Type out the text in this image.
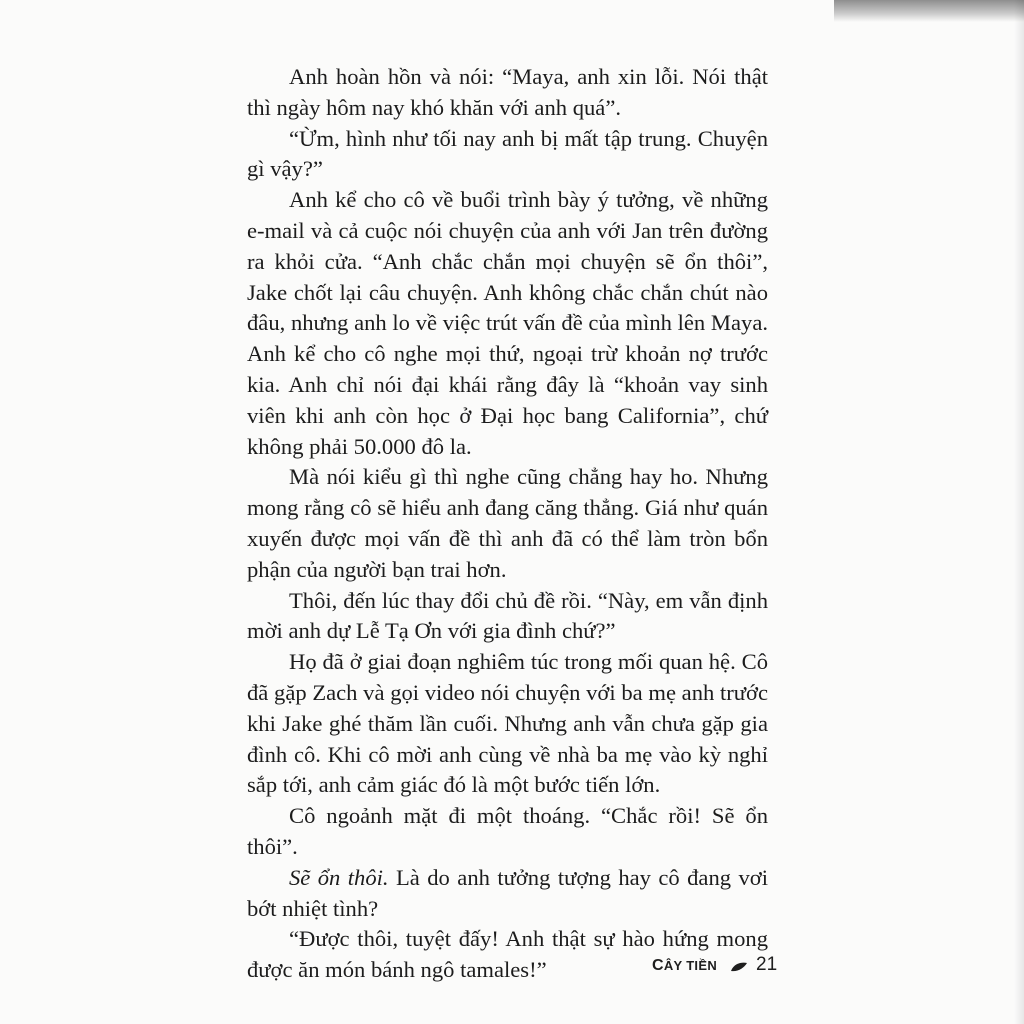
Anh hoàn hồn và nói: “Maya, anh xin lỗi. Nói thật thì ngày hôm nay khó khăn với anh quá”.

“Ừm, hình như tối nay anh bị mất tập trung. Chuyện gì vậy?”

Anh kể cho cô về buổi trình bày ý tưởng, về những e-mail và cả cuộc nói chuyện của anh với Jan trên đường ra khỏi cửa. “Anh chắc chắn mọi chuyện sẽ ổn thôi”, Jake chốt lại câu chuyện. Anh không chắc chắn chút nào đâu, nhưng anh lo về việc trút vấn đề của mình lên Maya. Anh kể cho cô nghe mọi thứ, ngoại trừ khoản nợ trước kia. Anh chỉ nói đại khái rằng đây là “khoản vay sinh viên khi anh còn học ở Đại học bang California”, chứ không phải 50.000 đô la.

Mà nói kiểu gì thì nghe cũng chẳng hay ho. Nhưng mong rằng cô sẽ hiểu anh đang căng thẳng. Giá như quán xuyến được mọi vấn đề thì anh đã có thể làm tròn bổn phận của người bạn trai hơn.

Thôi, đến lúc thay đổi chủ đề rồi. “Này, em vẫn định mời anh dự Lễ Tạ Ơn với gia đình chứ?”

Họ đã ở giai đoạn nghiêm túc trong mối quan hệ. Cô đã gặp Zach và gọi video nói chuyện với ba mẹ anh trước khi Jake ghé thăm lần cuối. Nhưng anh vẫn chưa gặp gia đình cô. Khi cô mời anh cùng về nhà ba mẹ vào kỳ nghỉ sắp tới, anh cảm giác đó là một bước tiến lớn.

Cô ngoảnh mặt đi một thoáng. “Chắc rồi! Sẽ ổn thôi”.

Sẽ ổn thôi. Là do anh tưởng tượng hay cô đang vơi bớt nhiệt tình?

“Được thôi, tuyệt đấy! Anh thật sự hào hứng mong được ăn món bánh ngô tamales!”	CÂY TIỀN 21
